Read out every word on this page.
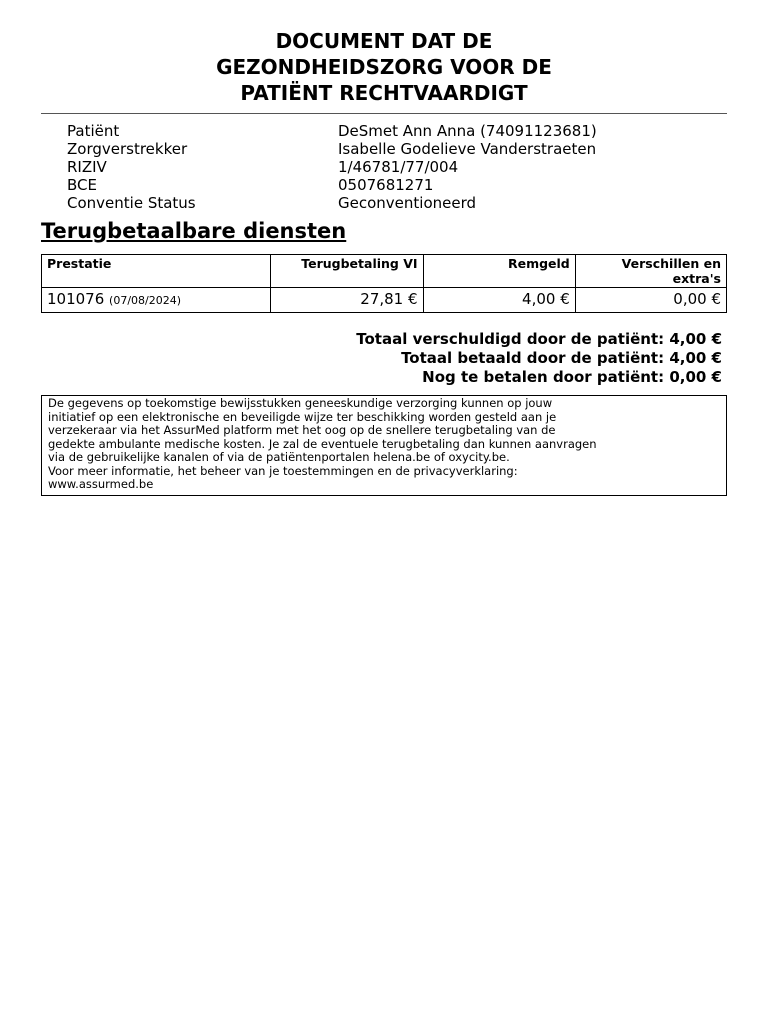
DOCUMENT DAT DE
GEZONDHEIDSZORG VOOR DE
PATIËNT RECHTVAARDIGT
Patiënt	DeSmet Ann Anna (74091123681)
Zorgverstrekker	Isabelle Godelieve Vanderstraeten
RIZIV	1/46781/77/004
BCE	0507681271
Conventie Status	Geconventioneerd
Terugbetaalbare diensten
Prestatie	Terugbetaling VI	Remgeld	Verschillen en extra's
101076 (07/08/2024)	27,81 €	4,00 €	0,00 €
Totaal verschuldigd door de patiënt: 4,00 €
Totaal betaald door de patiënt: 4,00 €
Nog te betalen door patiënt: 0,00 €

De gegevens op toekomstige bewijsstukken geneeskundige verzorging kunnen op jouw

initiatief op een elektronische en beveiligde wijze ter beschikking worden gesteld aan je

verzekeraar via het AssurMed platform met het oog op de snellere terugbetaling van de

gedekte ambulante medische kosten. Je zal de eventuele terugbetaling dan kunnen aanvragen

via de gebruikelijke kanalen of via de patiëntenportalen helena.be of oxycity.be.

Voor meer informatie, het beheer van je toestemmingen en de privacyverklaring:

www.assurmed.be
